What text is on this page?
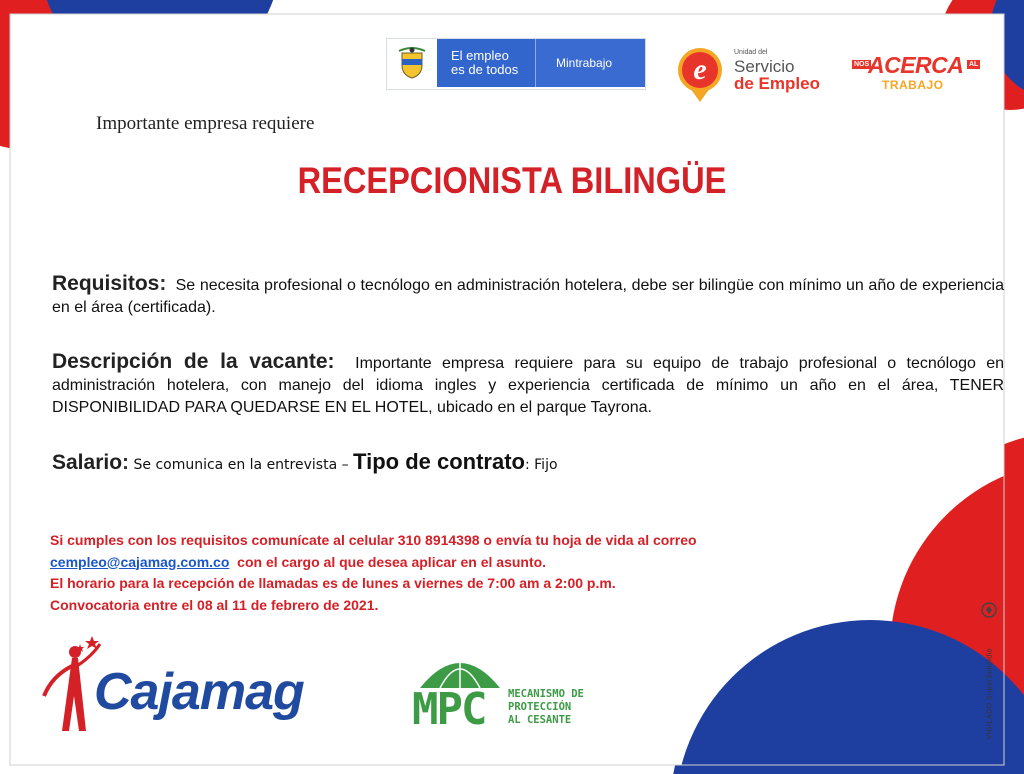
El empleo
es de todos	Mintrabajo	e
Unidad del
Servicio
de Empleo
NOS
ACERCA AL
TRABAJO
Importante empresa requiere
RECEPCIONISTA BILINGÜE
Requisitos: Se necesita profesional o tecnólogo en administración hotelera, debe ser bilingüe con mínimo un año de experiencia en el área (certificada).
Descripción de la vacante: Importante empresa requiere para su equipo de trabajo profesional o tecnólogo en administración hotelera, con manejo del idioma ingles y experiencia certificada de mínimo un año en el área, TENER DISPONIBILIDAD PARA QUEDARSE EN EL HOTEL, ubicado en el parque Tayrona.
Salario: Se comunica en la entrevista – Tipo de contrato: Fijo
Si cumples con los requisitos comunícate al celular 310 8914398 o envía tu hoja de vida al correo
cempleo@cajamag.com.co con el cargo al que desea aplicar en el asunto.
El horario para la recepción de llamadas es de lunes a viernes de 7:00 am a 2:00 p.m.
Convocatoria entre el 08 al 11 de febrero de 2021.
Cajamag MPC MECANISMO DE
PROTECCIÓN
AL CESANTE	VIGILADO SuperSubsidio
